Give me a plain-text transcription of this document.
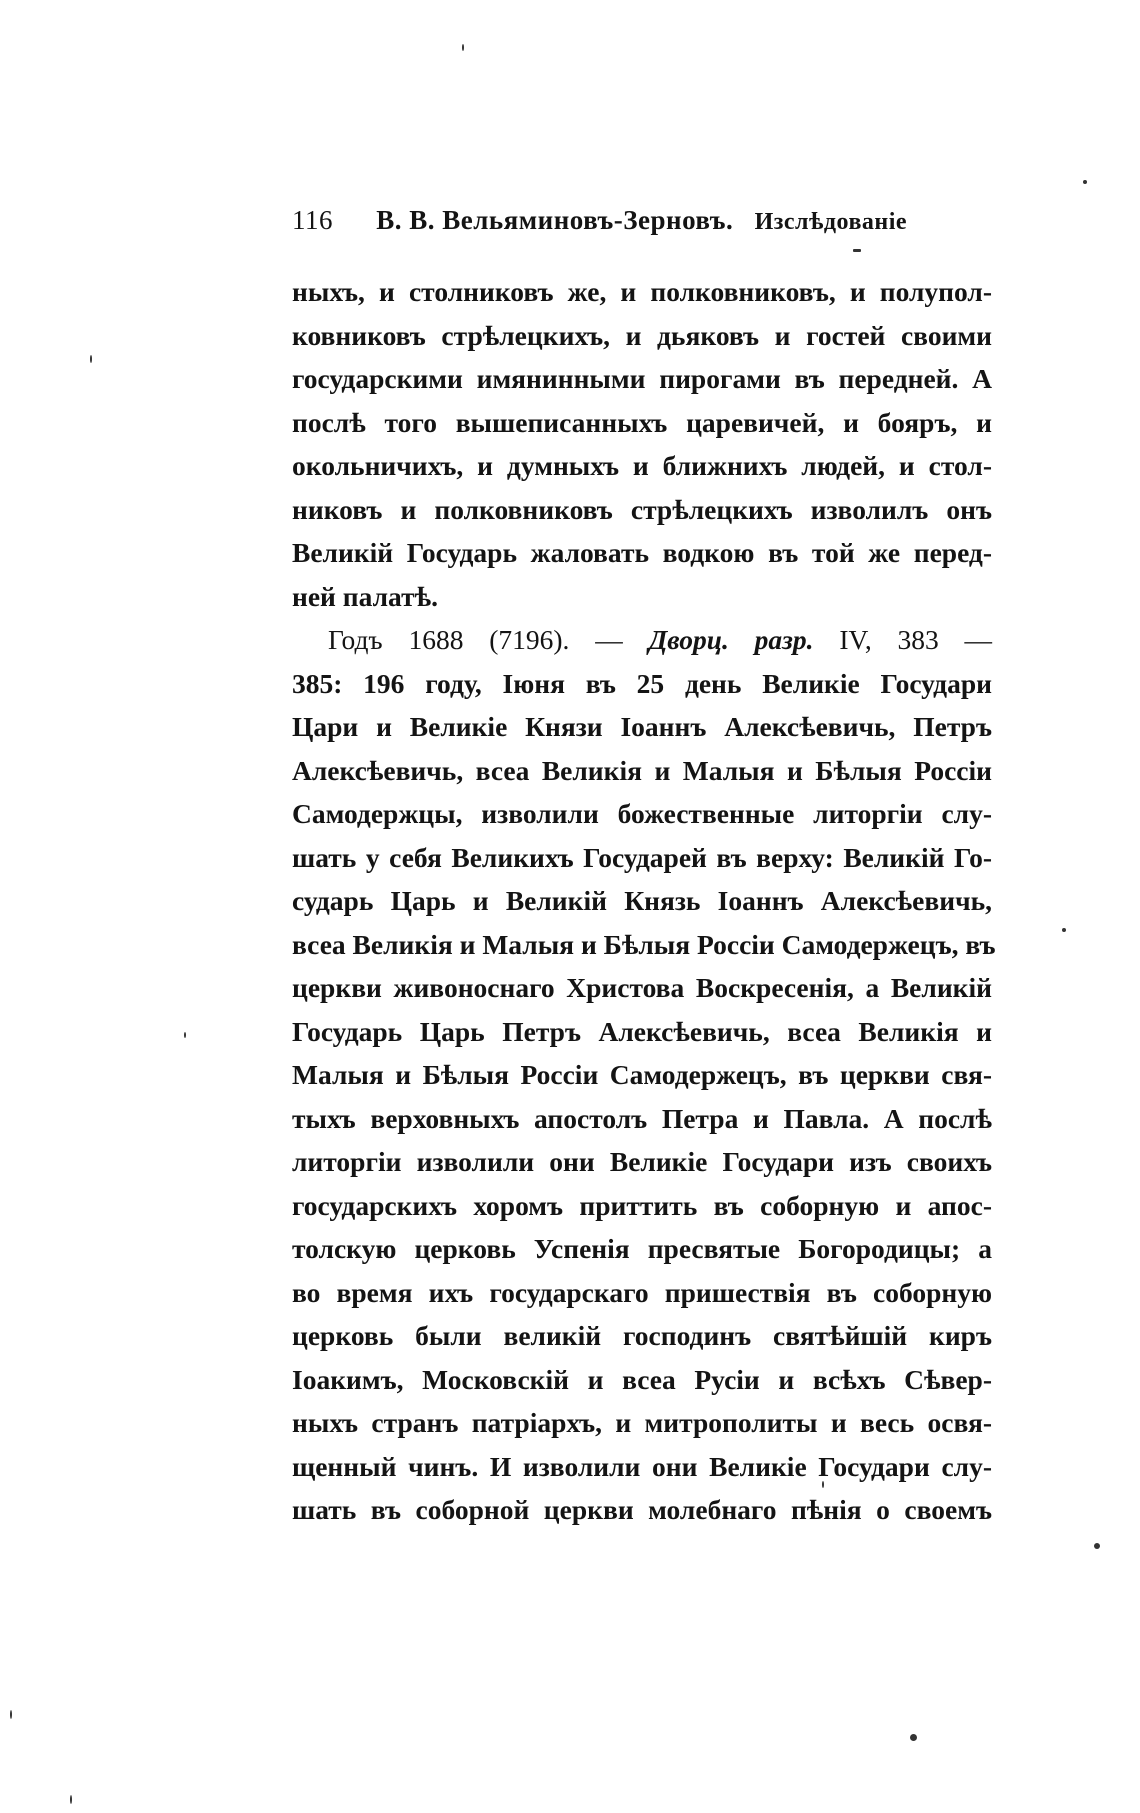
116 В. В. Вельяминовъ-Зерновъ. Изслѣдованіе
ныхъ, и столниковъ же, и полковниковъ, и полупол-
ковниковъ стрѣлецкихъ, и дьяковъ и гостей своими
государскими имянинными пирогами въ передней. А
послѣ того вышеписанныхъ царевичей, и бояръ, и
окольничихъ, и думныхъ и ближнихъ людей, и стол-
никовъ и полковниковъ стрѣлецкихъ изволилъ онъ
Великій Государь жаловать водкою въ той же перед-
ней палатѣ.
Годъ 1688 (7196). — Дворц. разр. IV, 383 —
385: 196 году, Іюня въ 25 день Великіе Государи
Цари и Великіе Князи Іоаннъ Алексѣевичь, Петръ
Алексѣевичь, всеа Великія и Малыя и Бѣлыя Россіи
Самодержцы, изволили божественные литоргіи слу-
шать у себя Великихъ Государей въ верху: Великій Го-
сударь Царь и Великій Князь Іоаннъ Алексѣевичь,
всеа Великія и Малыя и Бѣлыя Россіи Самодержецъ, въ
церкви живоноснаго Христова Воскресенія, а Великій
Государь Царь Петръ Алексѣевичь, всеа Великія и
Малыя и Бѣлыя Россіи Самодержецъ, въ церкви свя-
тыхъ верховныхъ апостолъ Петра и Павла. А послѣ
литоргіи изволили они Великіе Государи изъ своихъ
государскихъ хоромъ приттить въ соборную и апос-
толскую церковь Успенія пресвятые Богородицы; а
во время ихъ государскаго пришествія въ соборную
церковь были великій господинъ святѣйшій киръ
Іоакимъ, Московскій и всеа Русіи и всѣхъ Сѣвер-
ныхъ странъ патріархъ, и митрополиты и весь освя-
щенный чинъ. И изволили они Великіе Государи слу-
шать въ соборной церкви молебнаго пѣнія о своемъ
